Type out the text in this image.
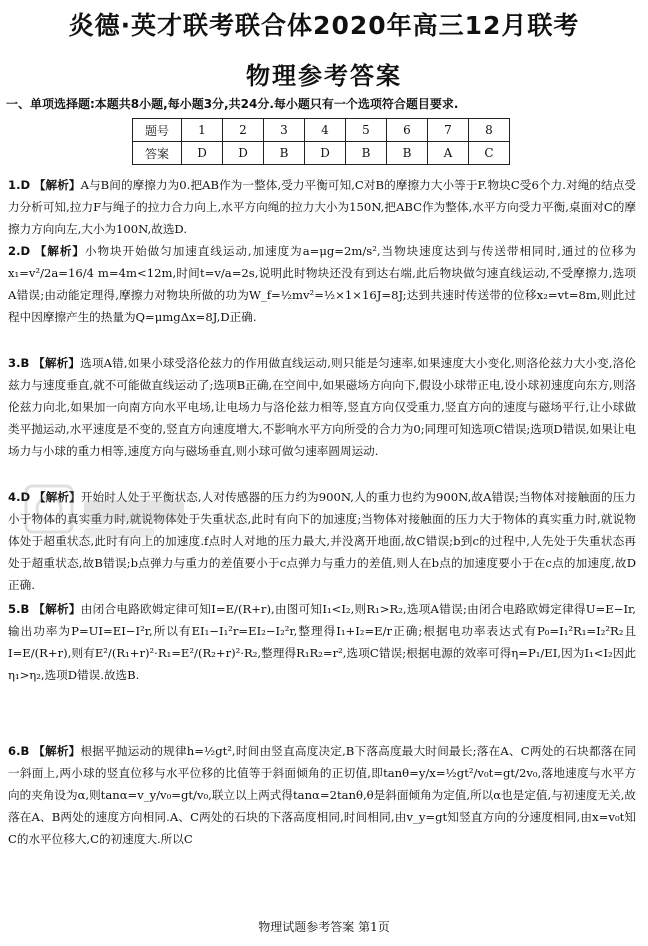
炎德·英才联考联合体2020年高三12月联考
物理参考答案
一、单项选择题:本题共8小题,每小题3分,共24分.每小题只有一个选项符合题目要求.
题号	1	2	3	4	5	6	7	8
答案	D	D	B	D	B	B	A	C
1.D 【解析】A与B间的摩擦力为0.把AB作为一整体,受力平衡可知,C对B的摩擦力大小等于F.物块C受6个力.对绳的结点受力分析可知,拉力F与绳子的拉力合力向上,水平方向绳的拉力大小为150N,把ABC作为整体,水平方向受力平衡,桌面对C的摩擦力方向向左,大小为100N,故选D.
2.D 【解析】小物块开始做匀加速直线运动,加速度为a=μg=2m/s²,当物块速度达到与传送带相同时,通过的位移为x₁=v²/2a=16/4 m=4m<12m,时间t=v/a=2s,说明此时物块还没有到达右端,此后物块做匀速直线运动,不受摩擦力,选项A错误;由动能定理得,摩擦力对物块所做的功为W_f=½mv²=½×1×16J=8J;达到共速时传送带的位移x₂=vt=8m,则此过程中因摩擦产生的热量为Q=μmgΔx=8J,D正确.
3.B 【解析】选项A错,如果小球受洛伦兹力的作用做直线运动,则只能是匀速率,如果速度大小变化,则洛伦兹力大小变,洛伦兹力与速度垂直,就不可能做直线运动了;选项B正确,在空间中,如果磁场方向向下,假设小球带正电,设小球初速度向东方,则洛伦兹力向北,如果加一向南方向水平电场,让电场力与洛伦兹力相等,竖直方向仅受重力,竖直方向的速度与磁场平行,让小球做类平抛运动,水平速度是不变的,竖直方向速度增大,不影响水平方向所受的合力为0;同理可知选项C错误;选项D错误,如果让电场力与小球的重力相等,速度方向与磁场垂直,则小球可做匀速率圆周运动.
4.D 【解析】开始时人处于平衡状态,人对传感器的压力约为900N,人的重力也约为900N,故A错误;当物体对接触面的压力小于物体的真实重力时,就说物体处于失重状态,此时有向下的加速度;当物体对接触面的压力大于物体的真实重力时,就说物体处于超重状态,此时有向上的加速度.f点时人对地的压力最大,并没离开地面,故C错误;b到c的过程中,人先处于失重状态再处于超重状态,故B错误;b点弹力与重力的差值要小于c点弹力与重力的差值,则人在b点的加速度要小于在c点的加速度,故D正确.
5.B 【解析】由闭合电路欧姆定律可知I=E/(R+r),由图可知I₁<I₂,则R₁>R₂,选项A错误;由闭合电路欧姆定律得U=E−Ir,输出功率为P=UI=EI−I²r,所以有EI₁−I₁²r=EI₂−I₂²r,整理得I₁+I₂=E/r正确;根据电功率表达式有P₀=I₁²R₁=I₂²R₂且I=E/(R+r),则有E²/(R₁+r)²·R₁=E²/(R₂+r)²·R₂,整理得R₁R₂=r²,选项C错误;根据电源的效率可得η=P₁/EI,因为I₁<I₂因此η₁>η₂,选项D错误.故选B.
6.B 【解析】根据平抛运动的规律h=½gt²,时间由竖直高度决定,B下落高度最大时间最长;落在A、C两处的石块都落在同一斜面上,两小球的竖直位移与水平位移的比值等于斜面倾角的正切值,即tanθ=y/x=½gt²/v₀t=gt/2v₀,落地速度与水平方向的夹角设为α,则tanα=v_y/v₀=gt/v₀,联立以上两式得tanα=2tanθ,θ是斜面倾角为定值,所以α也是定值,与初速度无关,故落在A、B两处的速度方向相同.A、C两处的石块的下落高度相同,时间相同,由v_y=gt知竖直方向的分速度相同,由x=v₀t知C的水平位移大,C的初速度大.所以C
物理试题参考答案 第1页
